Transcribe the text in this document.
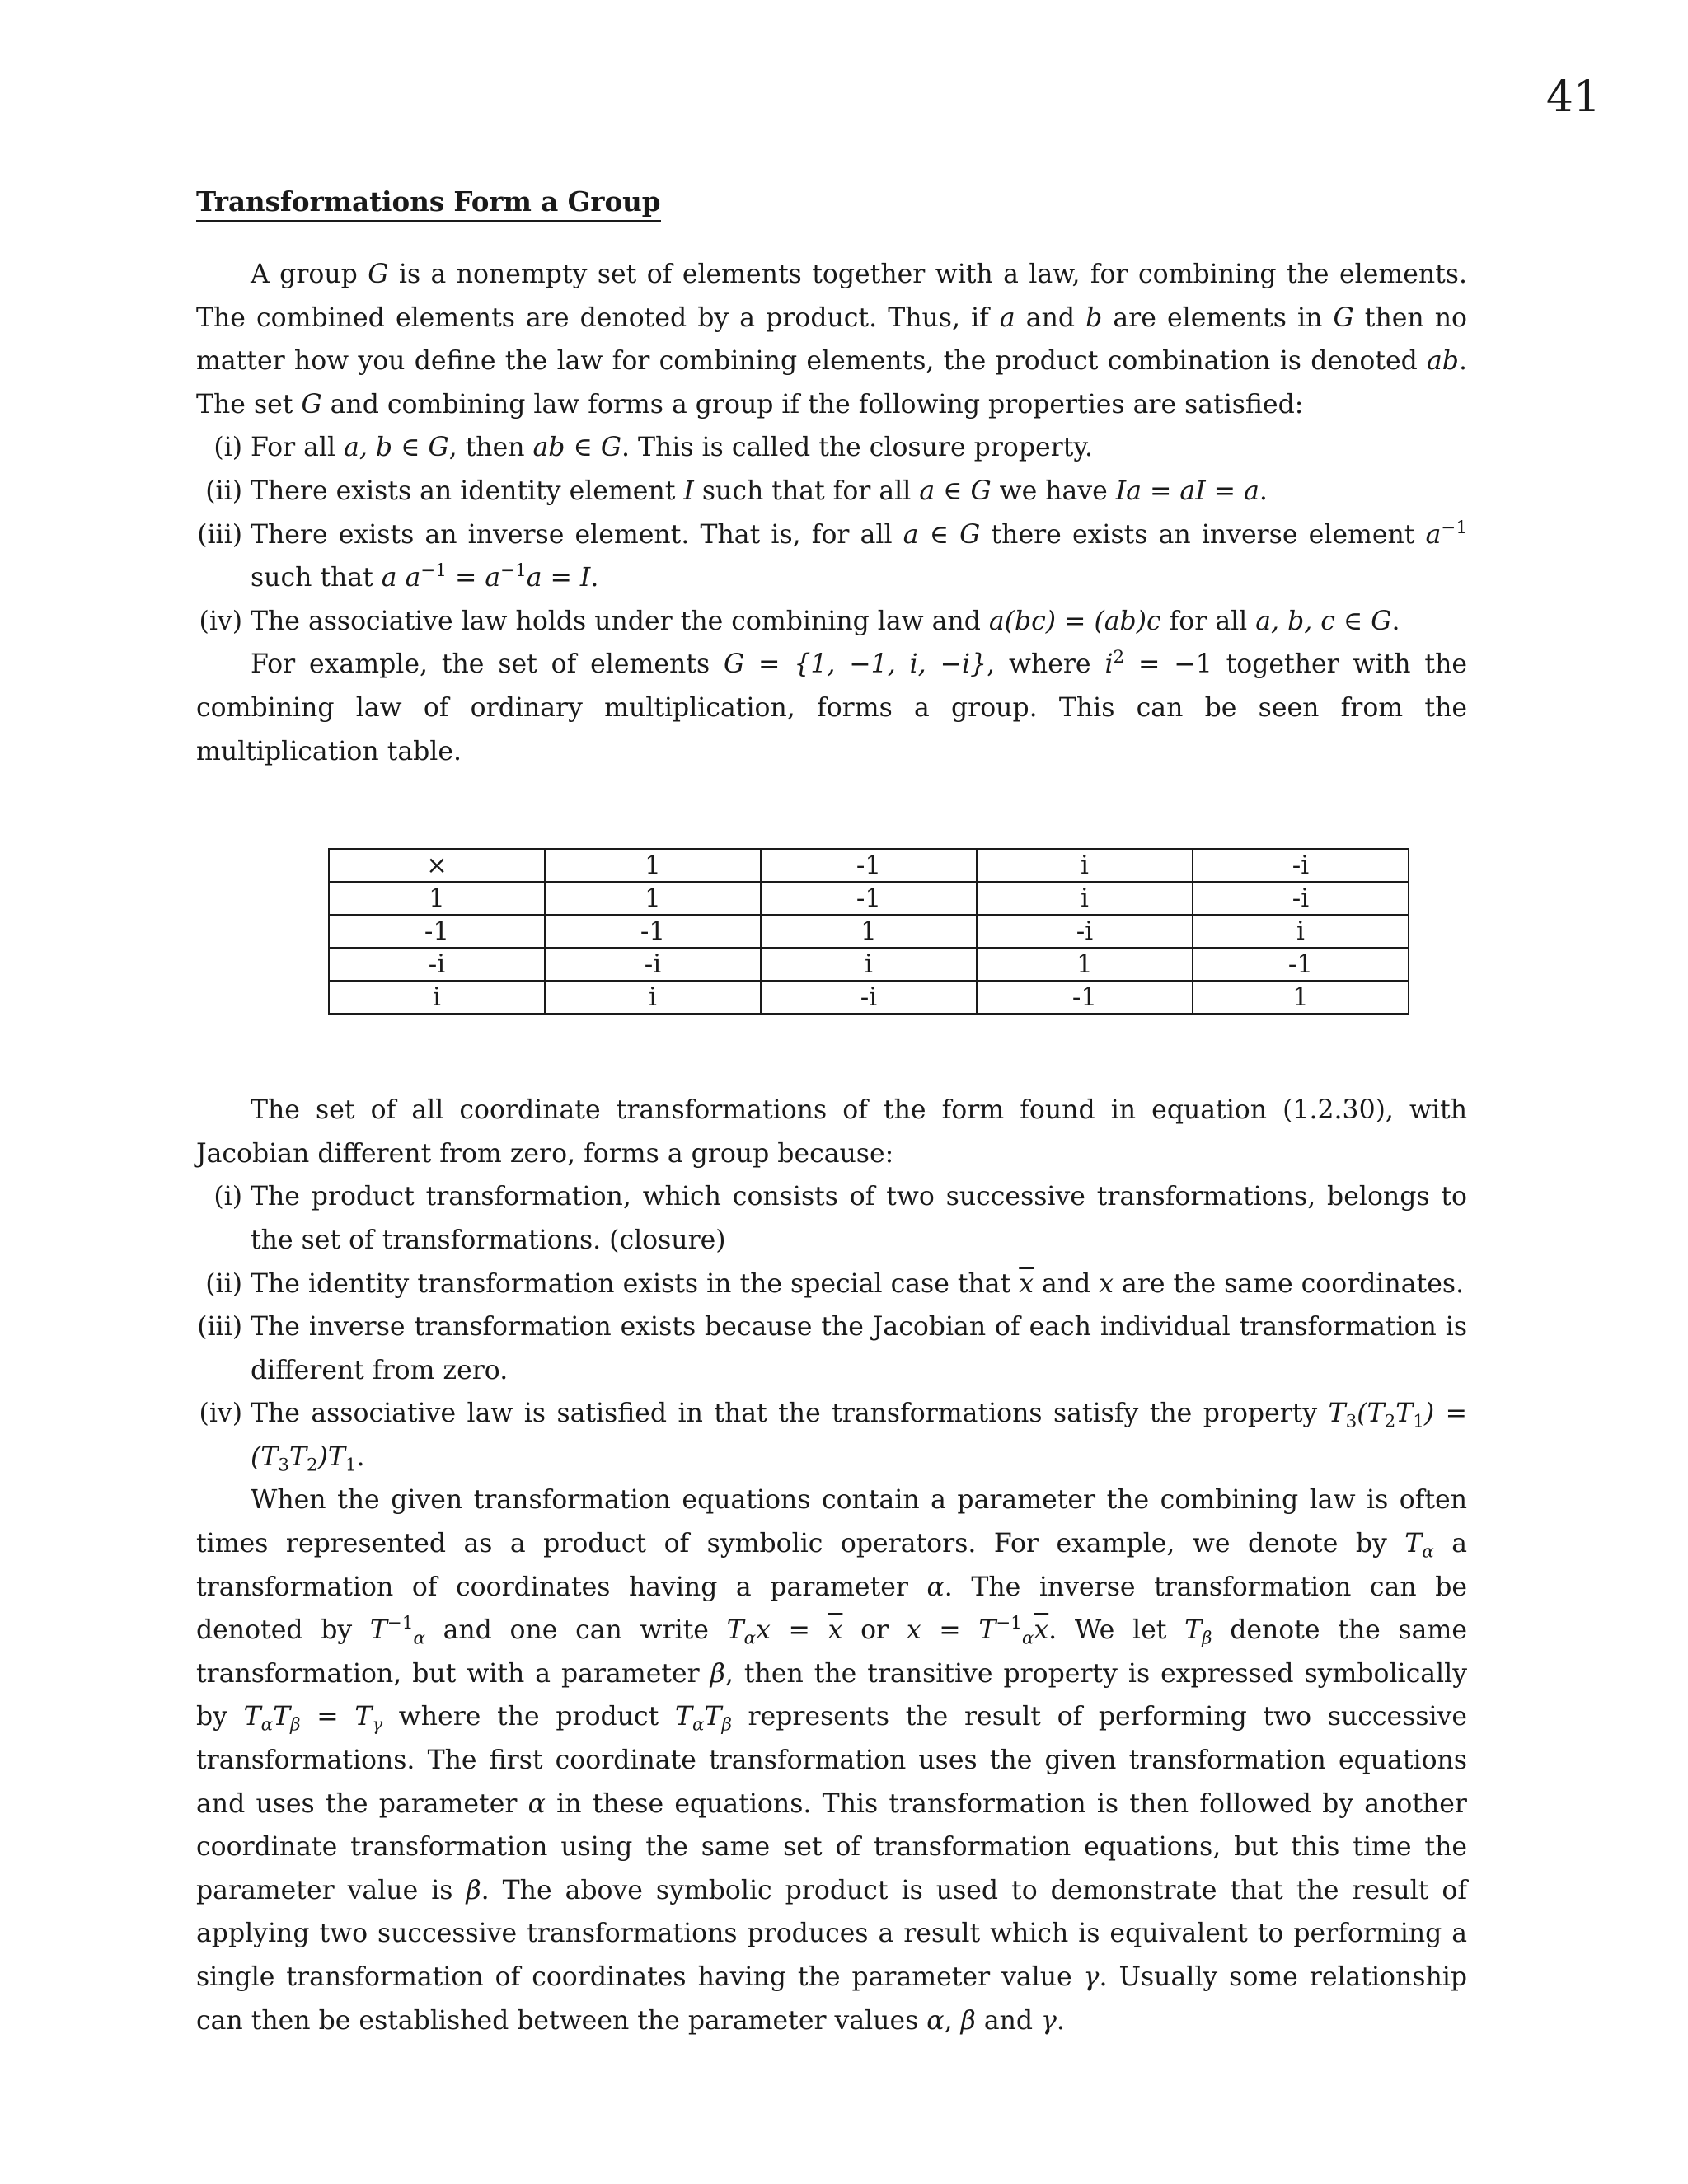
41
Transformations Form a Group

A group G is a nonempty set of elements together with a law, for combining the elements. The combined elements are denoted by a product. Thus, if a and b are elements in G then no matter how you define the law for combining elements, the product combination is denoted ab. The set G and combining law forms a group if the following properties are satisfied:

(i) For all a, b ∈ G, then ab ∈ G. This is called the closure property.
(ii) There exists an identity element I such that for all a ∈ G we have Ia = aI = a.
(iii) There exists an inverse element. That is, for all a ∈ G there exists an inverse element $a^{-1}$ such that a $a^{-1} = a^{-1}a = I$.
(iv) The associative law holds under the combining law and a(bc) = (ab)c for all a, b, c ∈ G.

For example, the set of elements G = {1, −1, i, −i}, where $i^2 = -1$ together with the combining law of ordinary multiplication, forms a group. This can be seen from the multiplication table.

×	1	-1	i	-i
1	1	-1	i	-i
-1	-1	1	-i	i
-i	-i	i	1	-1
i	i	-i	-1	1

The set of all coordinate transformations of the form found in equation (1.2.30), with Jacobian different from zero, forms a group because:

(i) The product transformation, which consists of two successive transformations, belongs to the set of transformations. (closure)
(ii) The identity transformation exists in the special case that $\overline{x}$ and x are the same coordinates.
(iii) The inverse transformation exists because the Jacobian of each individual transformation is different from zero.
(iv) The associative law is satisfied in that the transformations satisfy the property $T_3(T_2T_1) = (T_3T_2)T_1$.

When the given transformation equations contain a parameter the combining law is often times represented as a product of symbolic operators. For example, we denote by $T_\alpha$ a transformation of coordinates having a parameter α. The inverse transformation can be denoted by $T^{-1}_\alpha$ and one can write $T_\alpha x = \overline{x}$ or $x = T^{-1}_\alpha\overline{x}$. We let $T_\beta$ denote the same transformation, but with a parameter β, then the transitive property is expressed symbolically by $T_\alpha T_\beta = T_\gamma$ where the product $T_\alpha T_\beta$ represents the result of performing two successive transformations. The first coordinate transformation uses the given transformation equations and uses the parameter α in these equations. This transformation is then followed by another coordinate transformation using the same set of transformation equations, but this time the parameter value is β. The above symbolic product is used to demonstrate that the result of applying two successive transformations produces a result which is equivalent to performing a single transformation of coordinates having the parameter value γ. Usually some relationship can then be established between the parameter values α, β and γ.
